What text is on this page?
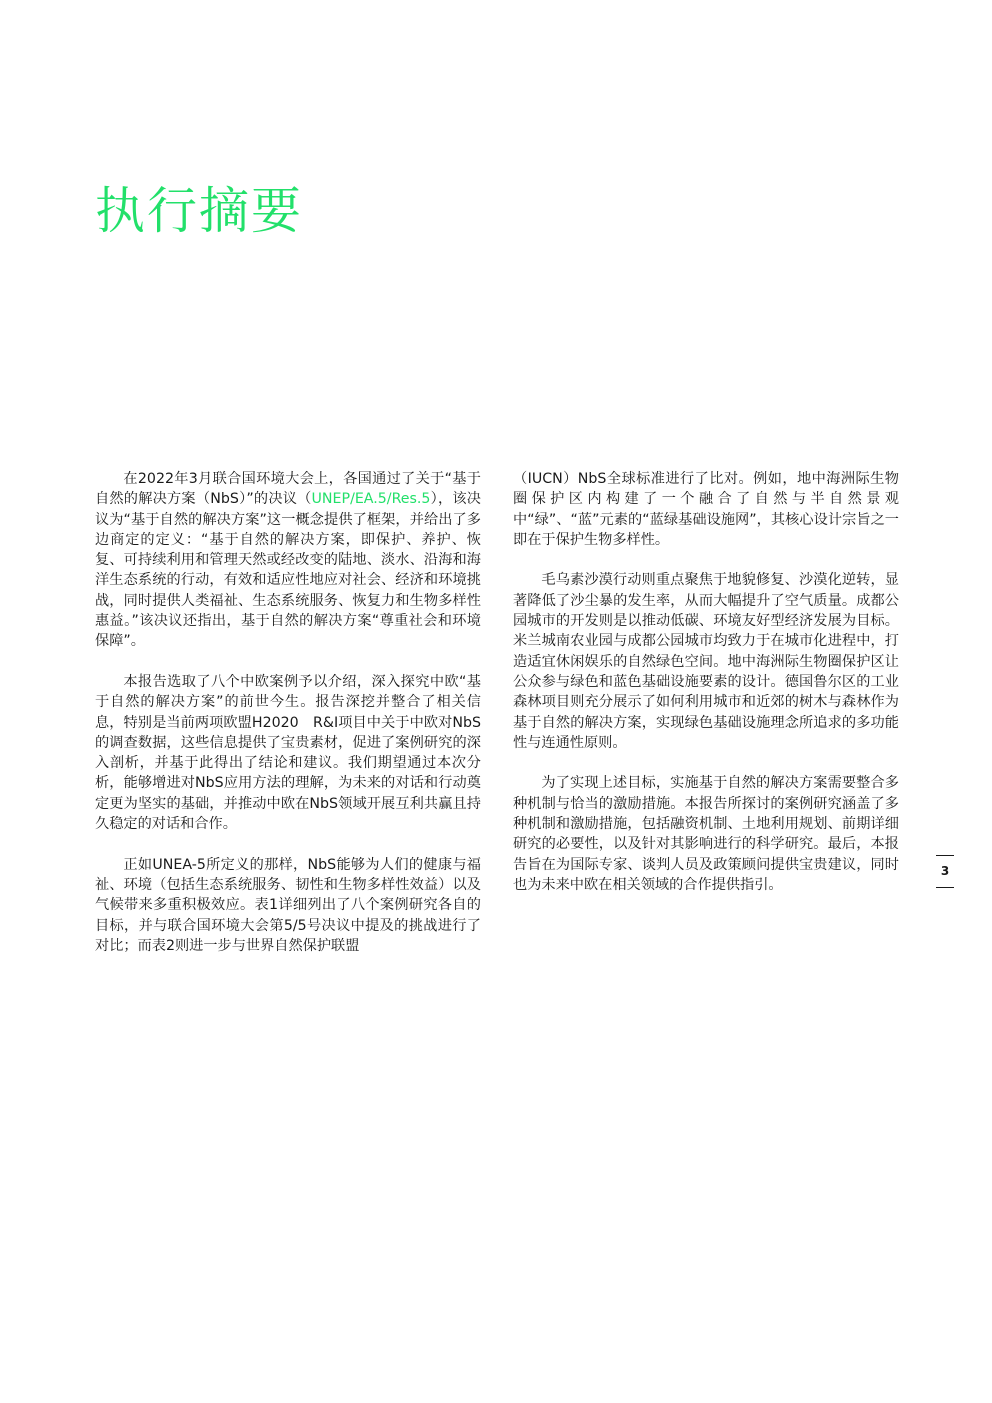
执行摘要

在2022年3月联合国环境大会上，各国通过了关于“基于自然的解决方案（NbS）”的决议（UNEP/EA.5/Res.5），该决议为“基于自然的解决方案”这一概念提供了框架，并给出了多边商定的定义：“基于自然的解决方案，即保护、养护、恢复、可持续利用和管理天然或经改变的陆地、淡水、沿海和海洋生态系统的行动，有效和适应性地应对社会、经济和环境挑战，同时提供人类福祉、生态系统服务、恢复力和生物多样性惠益。”该决议还指出，基于自然的解决方案“尊重社会和环境保障”。

本报告选取了八个中欧案例予以介绍，深入探究中欧“基于自然的解决方案”的前世今生。报告深挖并整合了相关信息，特别是当前两项欧盟H2020　R&I项目中关于中欧对NbS的调查数据，这些信息提供了宝贵素材，促进了案例研究的深入剖析，并基于此得出了结论和建议。我们期望通过本次分析，能够增进对NbS应用方法的理解，为未来的对话和行动奠定更为坚实的基础，并推动中欧在NbS领域开展互利共赢且持久稳定的对话和合作。

正如UNEA-5所定义的那样，NbS能够为人们的健康与福祉、环境（包括生态系统服务、韧性和生物多样性效益）以及气候带来多重积极效应。表1详细列出了八个案例研究各自的目标，并与联合国环境大会第5/5号决议中提及的挑战进行了对比；而表2则进一步与世界自然保护联盟

（IUCN）NbS全球标准进行了比对。例如，地中海洲际生物圈保护区内构建了一个融合了自然与半自然景观中“绿”、“蓝”元素的“蓝绿基础设施网”，其核心设计宗旨之一即在于保护生物多样性。

毛乌素沙漠行动则重点聚焦于地貌修复、沙漠化逆转，显著降低了沙尘暴的发生率，从而大幅提升了空气质量。成都公园城市的开发则是以推动低碳、环境友好型经济发展为目标。米兰城南农业园与成都公园城市均致力于在城市化进程中，打造适宜休闲娱乐的自然绿色空间。地中海洲际生物圈保护区让公众参与绿色和蓝色基础设施要素的设计。德国鲁尔区的工业森林项目则充分展示了如何利用城市和近郊的树木与森林作为基于自然的解决方案，实现绿色基础设施理念所追求的多功能性与连通性原则。

为了实现上述目标，实施基于自然的解决方案需要整合多种机制与恰当的激励措施。本报告所探讨的案例研究涵盖了多种机制和激励措施，包括融资机制、土地利用规划、前期详细研究的必要性，以及针对其影响进行的科学研究。最后，本报告旨在为国际专家、谈判人员及政策顾问提供宝贵建议，同时也为未来中欧在相关领域的合作提供指引。

3
